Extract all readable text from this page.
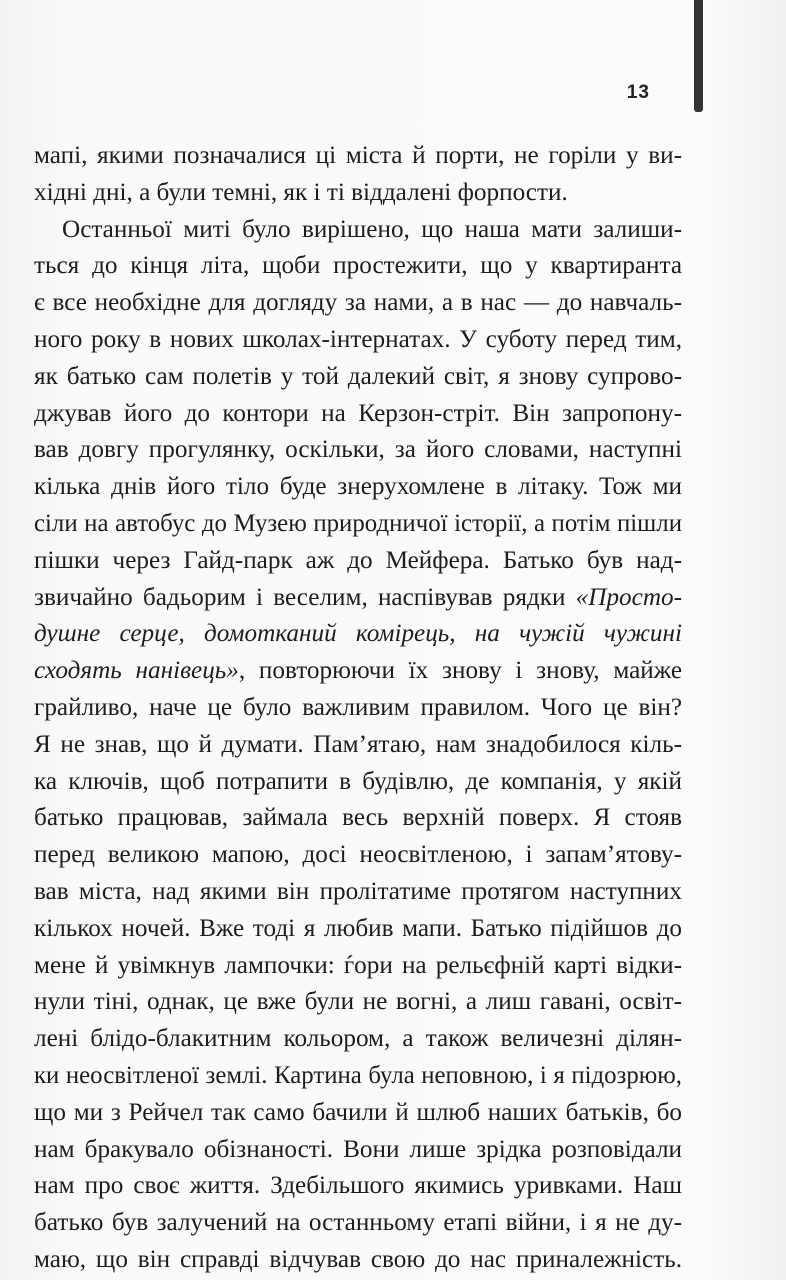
13
мапі, якими позначалися ці міста й порти, не горіли у ви-
хідні дні, а були темні, як і ті віддалені форпости.
Останньої миті було вирішено, що наша мати залиши-
ться до кінця літа, щоби простежити, що у квартиранта
є все необхідне для догляду за нами, а в нас — до навчаль-
ного року в нових школах-інтернатах. У суботу перед тим,
як батько сам полетів у той далекий світ, я знову супрово-
джував його до контори на Керзон-стріт. Він запропону-
вав довгу прогулянку, оскільки, за його словами, наступні
кілька днів його тіло буде знерухомлене в літаку. Тож ми
сіли на автобус до Музею природничої історії, а потім пішли
пішки через Гайд-парк аж до Мейфера. Батько був над-
звичайно бадьорим і веселим, наспівував рядки «Просто-
душне серце, домотканий комірець, на чужій чужині
сходять нанівець», повторюючи їх знову і знову, майже
грайливо, наче це було важливим правилом. Чого це він?
Я не знав, що й думати. Пам’ятаю, нам знадобилося кіль-
ка ключів, щоб потрапити в будівлю, де компанія, у якій
батько працював, займала весь верхній поверх. Я стояв
перед великою мапою, досі неосвітленою, і запам’ятову-
вав міста, над якими він пролітатиме протягом наступних
кількох ночей. Вже тоді я любив мапи. Батько підійшов до
мене й увімкнув лампочки: ѓори на рельєфній карті відки-
нули тіні, однак, це вже були не вогні, а лиш гавані, освіт-
лені блідо-блакитним кольором, а також величезні ділян-
ки неосвітленої землі. Картина була неповною, і я підозрюю,
що ми з Рейчел так само бачили й шлюб наших батьків, бо
нам бракувало обізнаності. Вони лише зрідка розповідали
нам про своє життя. Здебільшого якимись уривками. Наш
батько був залучений на останньому етапі війни, і я не ду-
маю, що він справді відчував свою до нас приналежність.
